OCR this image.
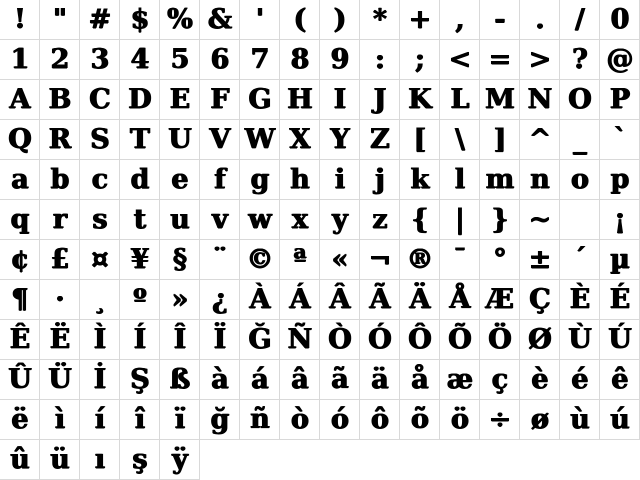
! " # $ % & ' ( ) * + , - . / 0
1 2 3 4 5 6 7 8 9 : ; < = > ? @
A B C D E F G H I J K L M N O P
Q R S T U V W X Y Z [ \ ] ^ _ `
a b c d e f g h i j k l m n o p
q r s t u v w x y z { | } ~ ¡
¢ £ ¤ ¥ § ¨ © ª « ¬ ® ¯ ° ± ´ µ
¶ · ¸ º » ¿ À Á Â Ã Ä Å Æ Ç È É
Ê Ë Ì Í Î Ï Ğ Ñ Ò Ó Ô Õ Ö Ø Ù Ú
Û Ü İ Ş ß à á â ã ä å æ ç è é ê
ë ì í î ï ğ ñ ò ó ô õ ö ÷ ø ù ú
û ü ı ş ÿ
